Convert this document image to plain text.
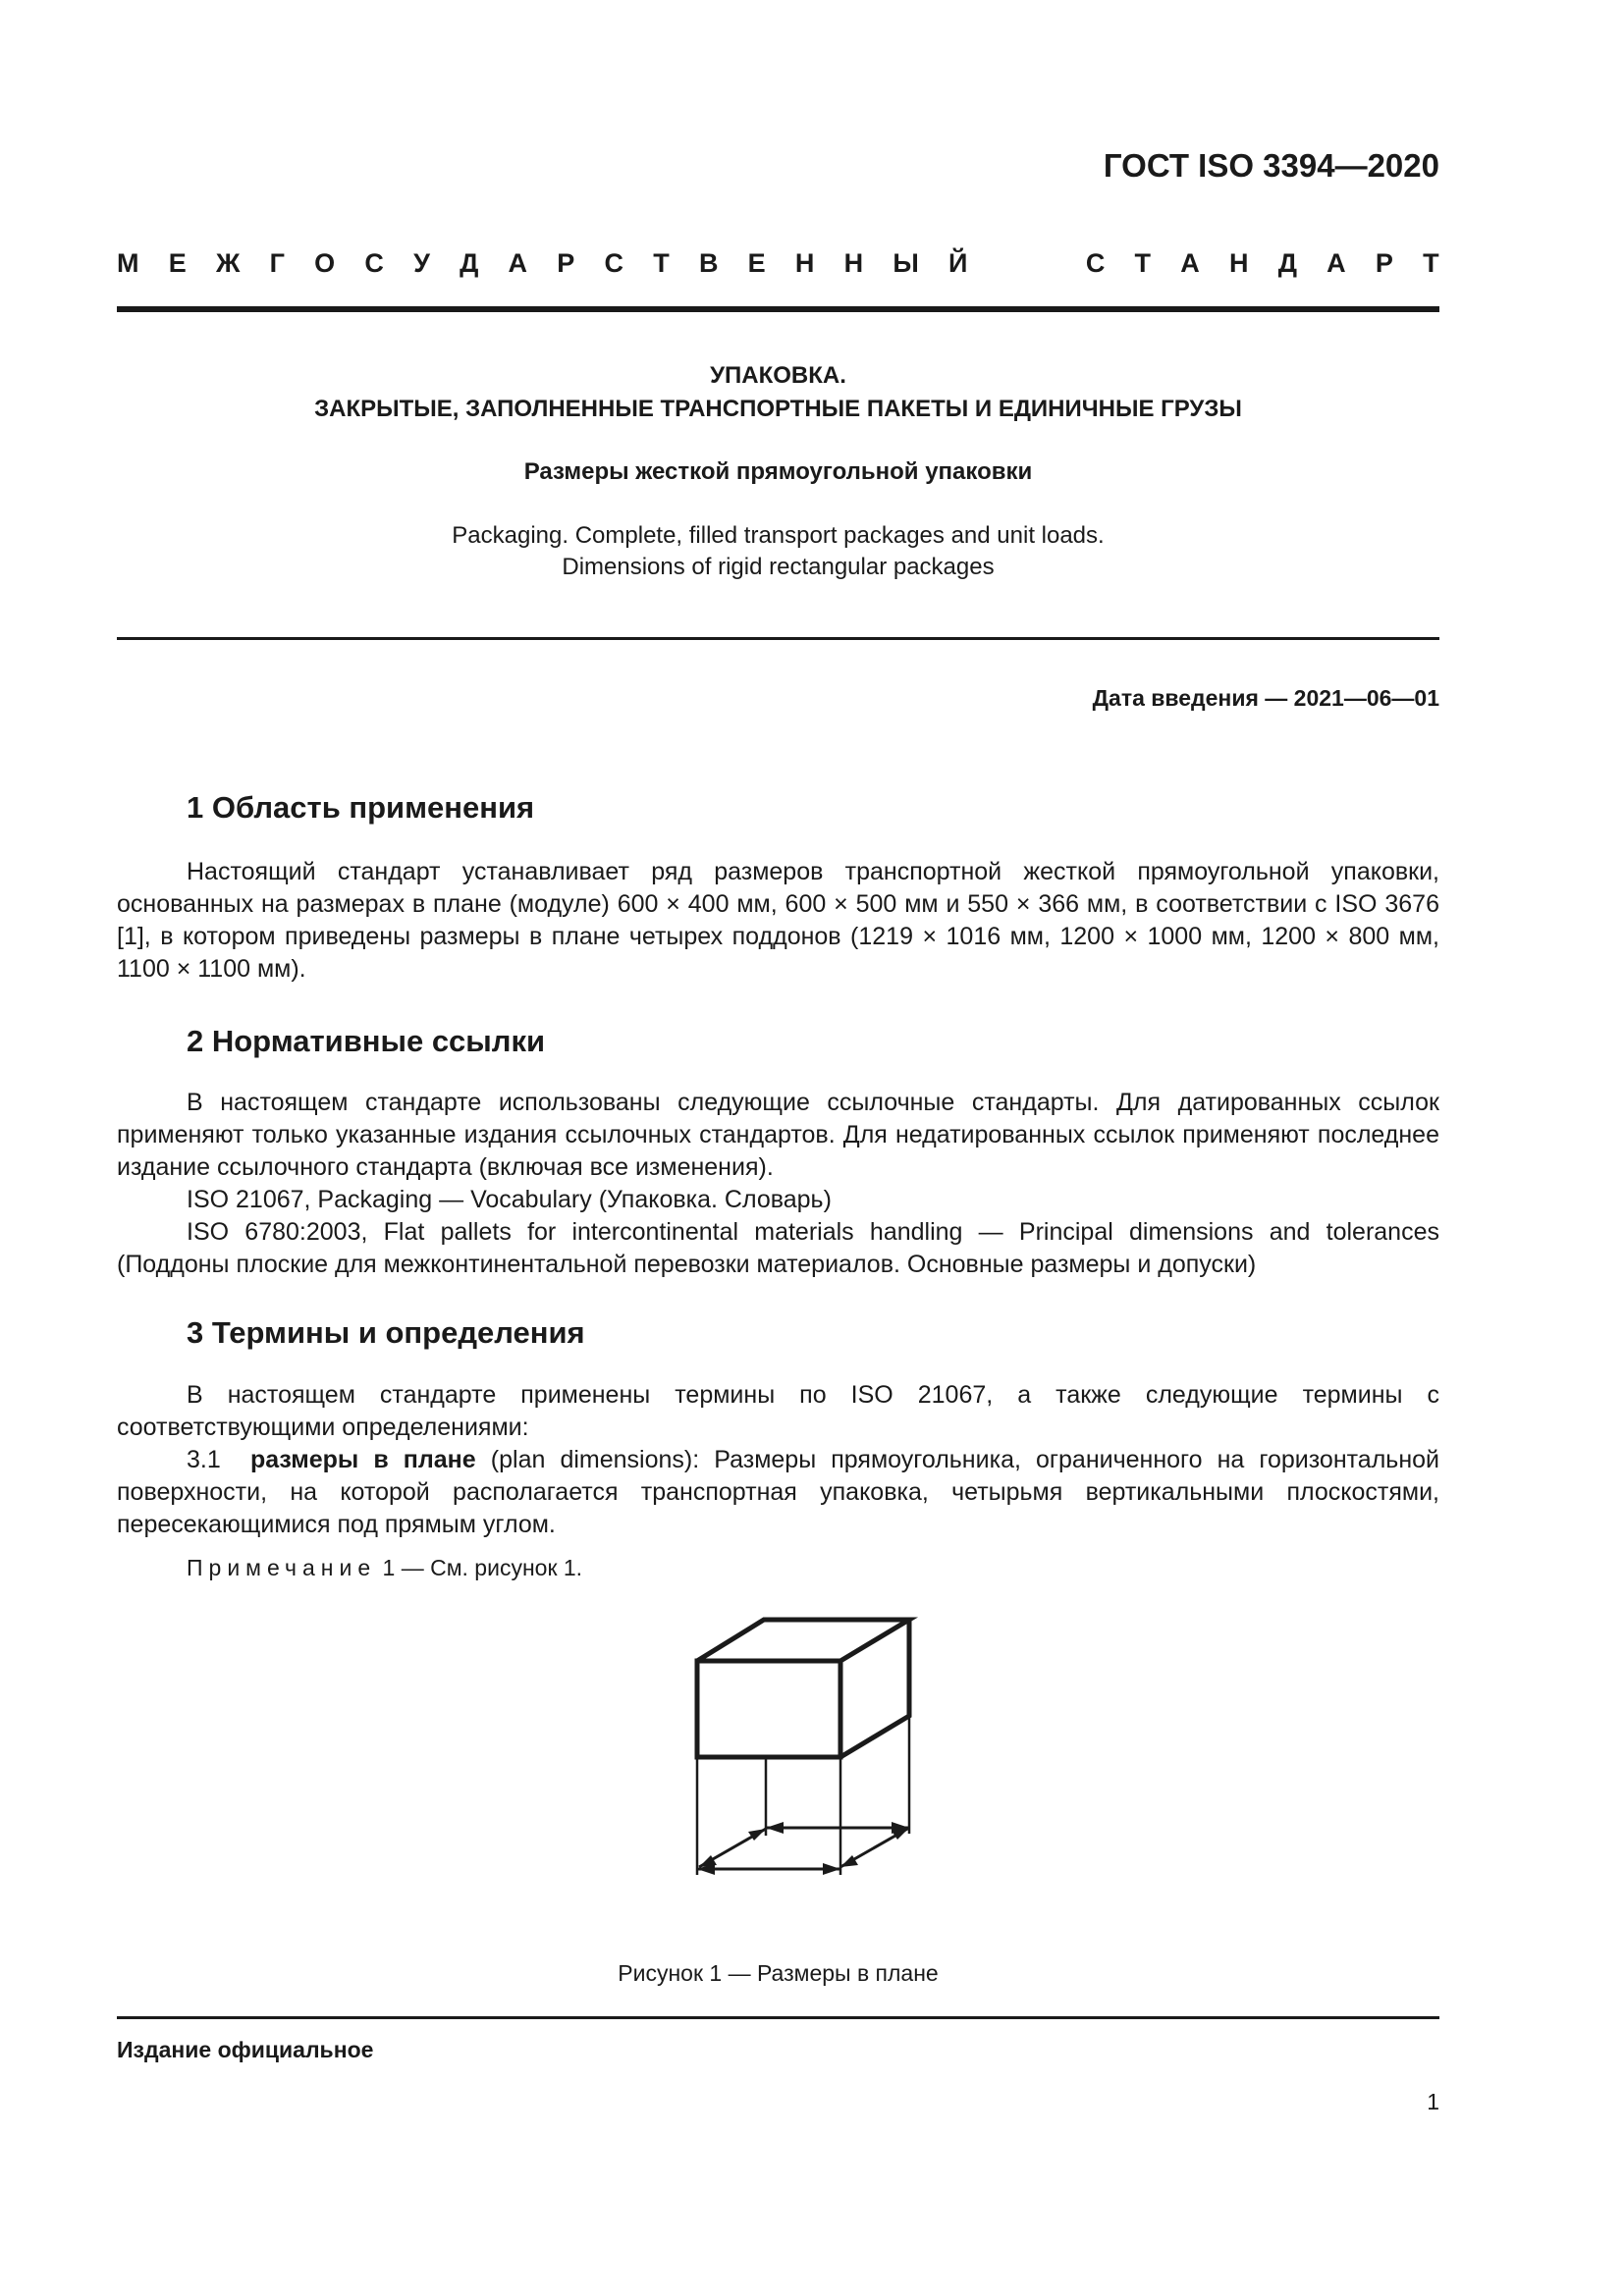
ГОСТ ISO 3394—2020
М Е Ж Г О С У Д А Р С Т В Е Н Н Ы Й	С Т А Н Д А Р Т
УПАКОВКА.
ЗАКРЫТЫЕ, ЗАПОЛНЕННЫЕ ТРАНСПОРТНЫЕ ПАКЕТЫ И ЕДИНИЧНЫЕ ГРУЗЫ
Размеры жесткой прямоугольной упаковки
Packaging. Complete, filled transport packages and unit loads.
Dimensions of rigid rectangular packages
Дата введения — 2021—06—01
1 Область применения
Настоящий стандарт устанавливает ряд размеров транспортной жесткой прямоугольной упаковки, основанных на размерах в плане (модуле) 600 × 400 мм, 600 × 500 мм и 550 × 366 мм, в соответствии с ISO 3676 [1], в котором приведены размеры в плане четырех поддонов (1219 × 1016 мм, 1200 × 1000 мм, 1200 × 800 мм, 1100 × 1100 мм).
2 Нормативные ссылки
В настоящем стандарте использованы следующие ссылочные стандарты. Для датированных ссылок применяют только указанные издания ссылочных стандартов. Для недатированных ссылок применяют последнее издание ссылочного стандарта (включая все изменения).
ISO 21067, Packaging — Vocabulary (Упаковка. Словарь)
ISO 6780:2003, Flat pallets for intercontinental materials handling — Principal dimensions and tolerances (Поддоны плоские для межконтинентальной перевозки материалов. Основные размеры и допуски)
3 Термины и определения
В настоящем стандарте применены термины по ISO 21067, а также следующие термины с соответствующими определениями:
3.1 размеры в плане (plan dimensions): Размеры прямоугольника, ограниченного на горизонтальной поверхности, на которой располагается транспортная упаковка, четырьмя вертикальными плоскостями, пересекающимися под прямым углом.
Примечание 1 — См. рисунок 1.
Рисунок 1 — Размеры в плане
Издание официальное
1
